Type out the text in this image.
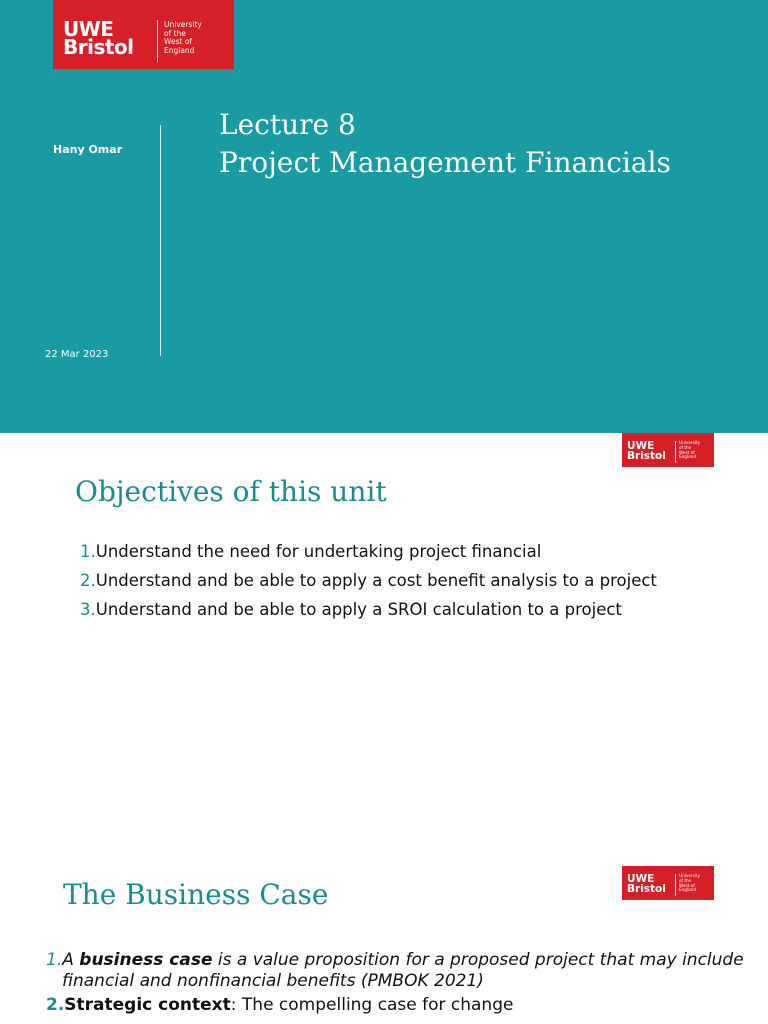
UWE
Bristol
University
of the
West of
England
Hany Omar
22 Mar 2023
Lecture 8
Project Management Financials
UWE
Bristol
University
of the
West of
England
Objectives of this unit
1.Understand the need for undertaking project financial
2.Understand and be able to apply a cost benefit analysis to a project
3.Understand and be able to apply a SROI calculation to a project
UWE
Bristol
University
of the
West of
England
The Business Case
1.A business case is a value proposition for a proposed project that may include financial and nonfinancial benefits (PMBOK 2021)
2.Strategic context: The compelling case for change
